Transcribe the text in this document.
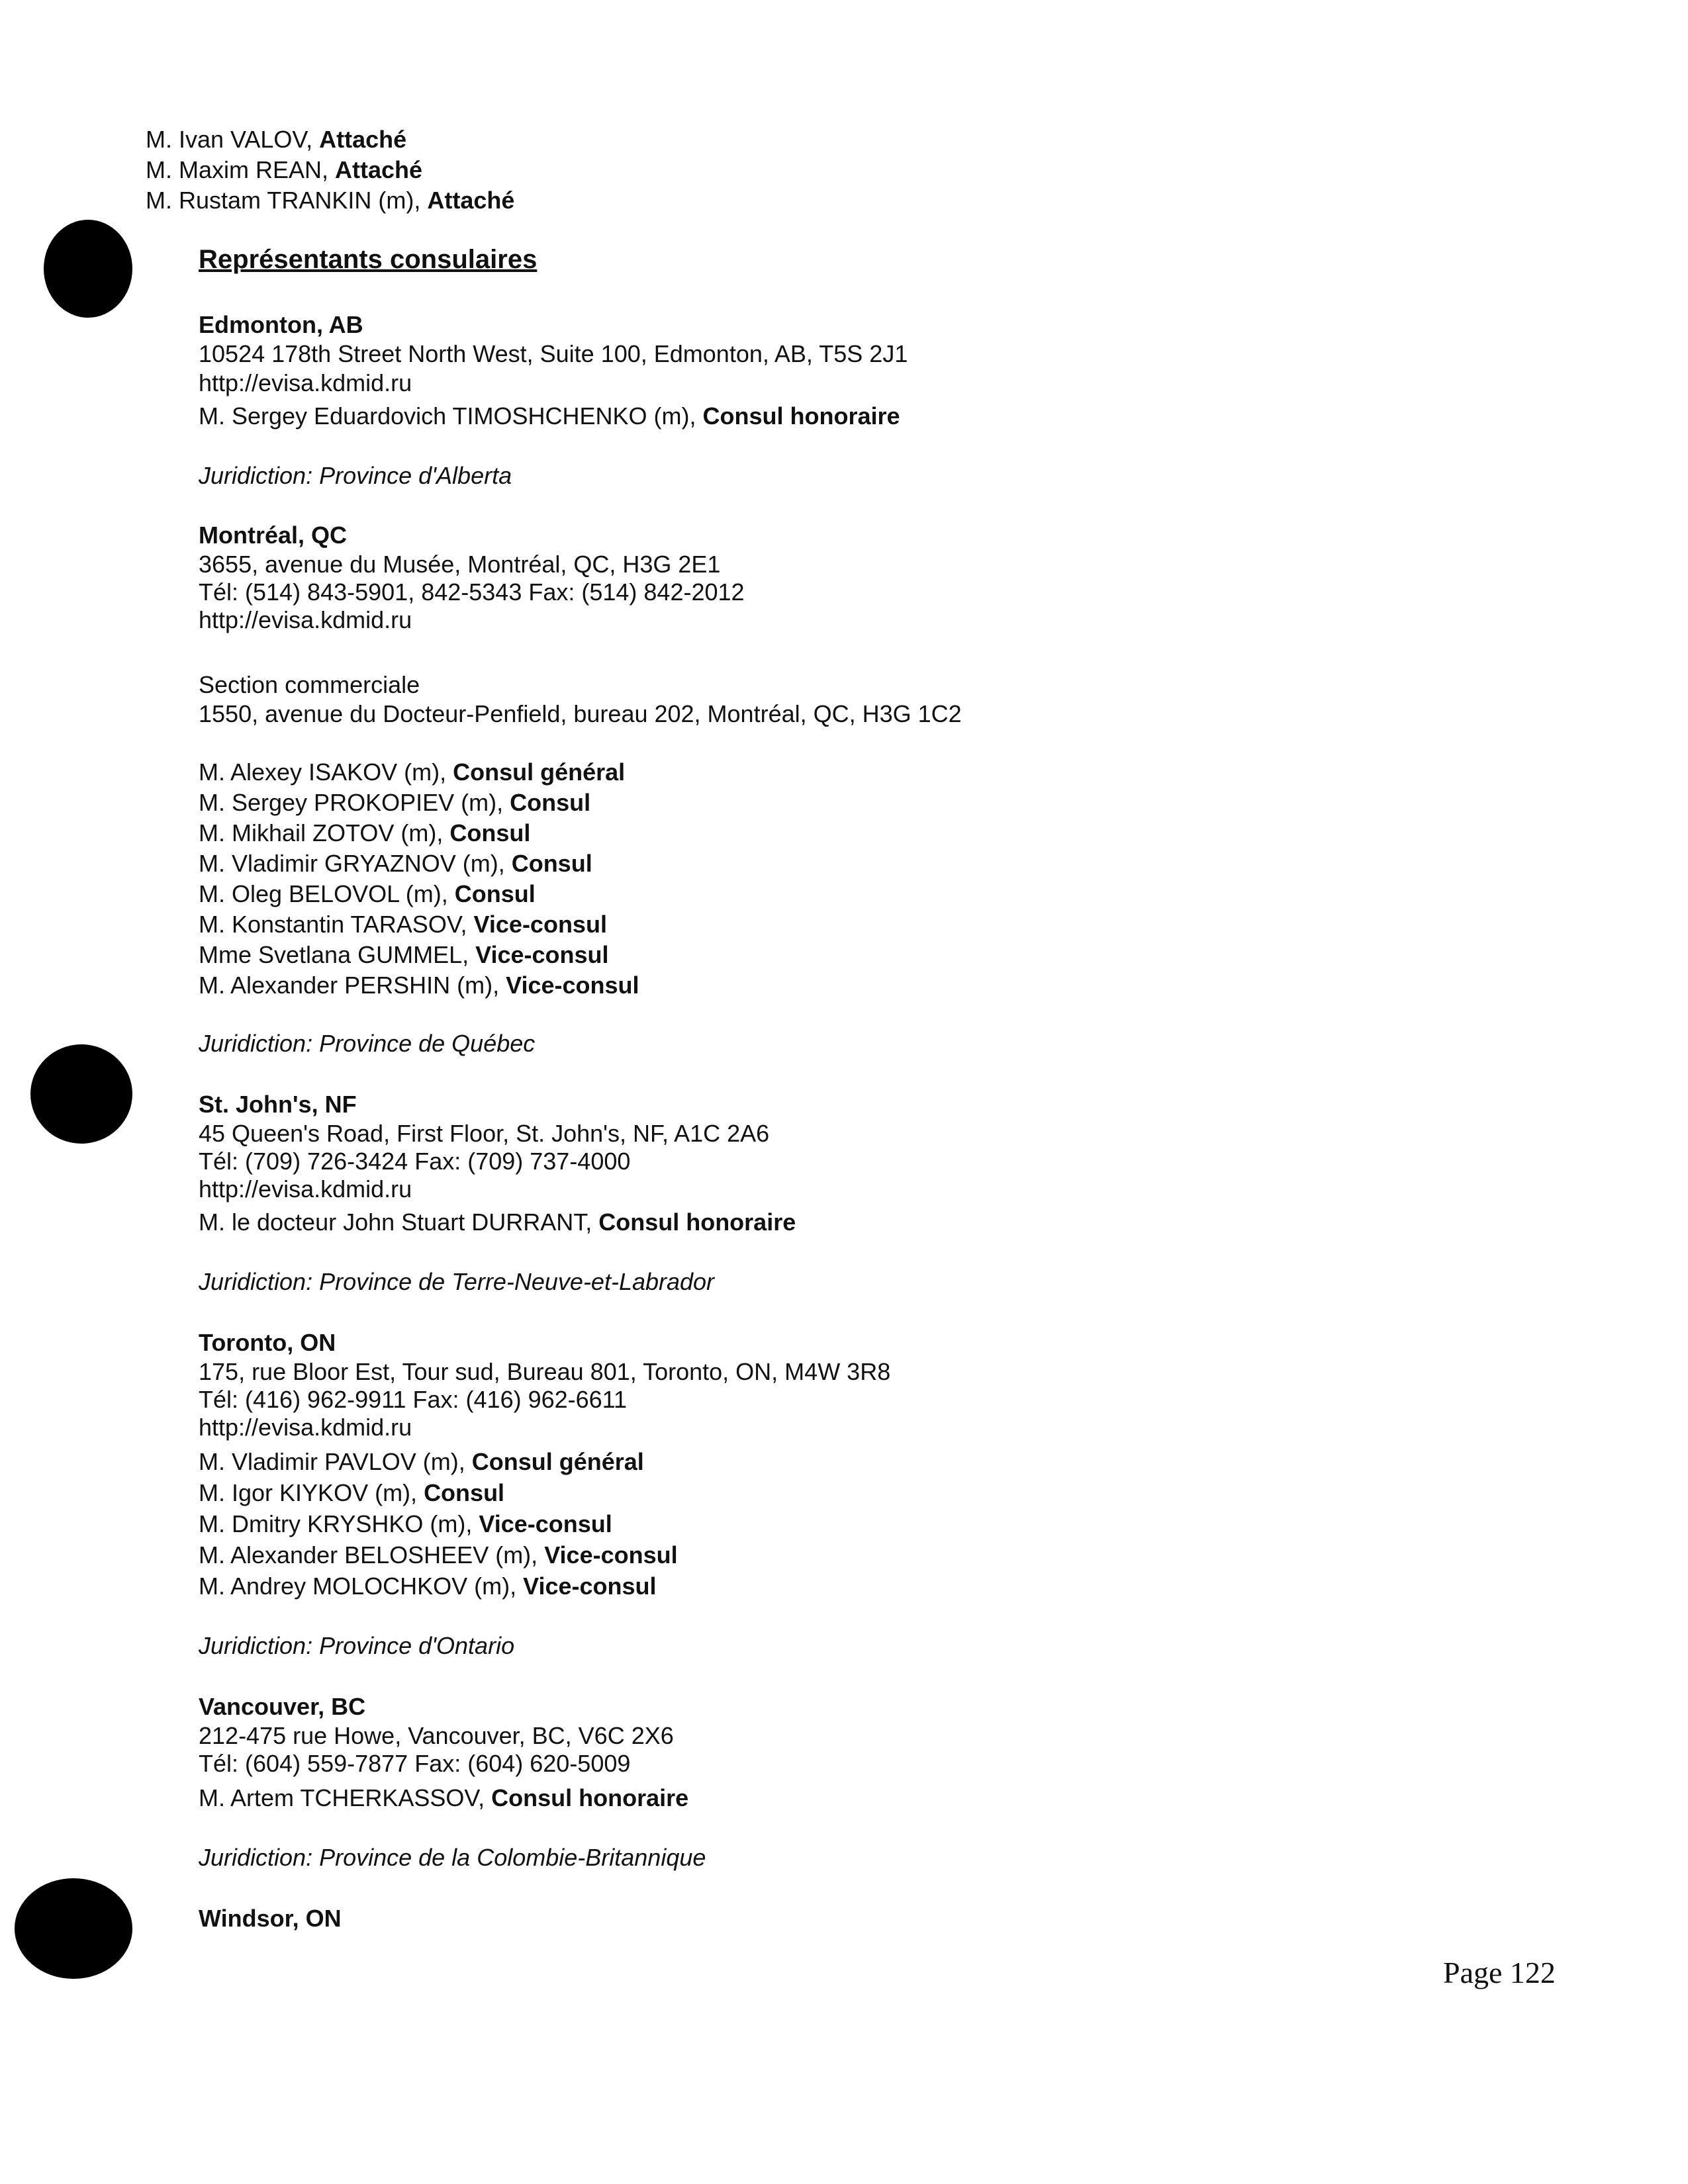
M. Ivan VALOV, Attaché
M. Maxim REAN, Attaché
M. Rustam TRANKIN (m), Attaché
Représentants consulaires
Edmonton, AB
10524 178th Street North West, Suite 100, Edmonton, AB, T5S 2J1
http://evisa.kdmid.ru
M. Sergey Eduardovich TIMOSHCHENKO (m), Consul honoraire
Juridiction: Province d'Alberta
Montréal, QC
3655, avenue du Musée, Montréal, QC, H3G 2E1
Tél: (514) 843-5901, 842-5343 Fax: (514) 842-2012
http://evisa.kdmid.ru
Section commerciale
1550, avenue du Docteur-Penfield, bureau 202, Montréal, QC, H3G 1C2
M. Alexey ISAKOV (m), Consul général
M. Sergey PROKOPIEV (m), Consul
M. Mikhail ZOTOV (m), Consul
M. Vladimir GRYAZNOV (m), Consul
M. Oleg BELOVOL (m), Consul
M. Konstantin TARASOV, Vice-consul
Mme Svetlana GUMMEL, Vice-consul
M. Alexander PERSHIN (m), Vice-consul
Juridiction: Province de Québec
St. John's, NF
45 Queen's Road, First Floor, St. John's, NF, A1C 2A6
Tél: (709) 726-3424 Fax: (709) 737-4000
http://evisa.kdmid.ru
M. le docteur John Stuart DURRANT, Consul honoraire
Juridiction: Province de Terre-Neuve-et-Labrador
Toronto, ON
175, rue Bloor Est, Tour sud, Bureau 801, Toronto, ON, M4W 3R8
Tél: (416) 962-9911 Fax: (416) 962-6611
http://evisa.kdmid.ru
M. Vladimir PAVLOV (m), Consul général
M. Igor KIYKOV (m), Consul
M. Dmitry KRYSHKO (m), Vice-consul
M. Alexander BELOSHEEV (m), Vice-consul
M. Andrey MOLOCHKOV (m), Vice-consul
Juridiction: Province d'Ontario
Vancouver, BC
212-475 rue Howe, Vancouver, BC, V6C 2X6
Tél: (604) 559-7877 Fax: (604) 620-5009
M. Artem TCHERKASSOV, Consul honoraire
Juridiction: Province de la Colombie-Britannique
Windsor, ON
Page 122
